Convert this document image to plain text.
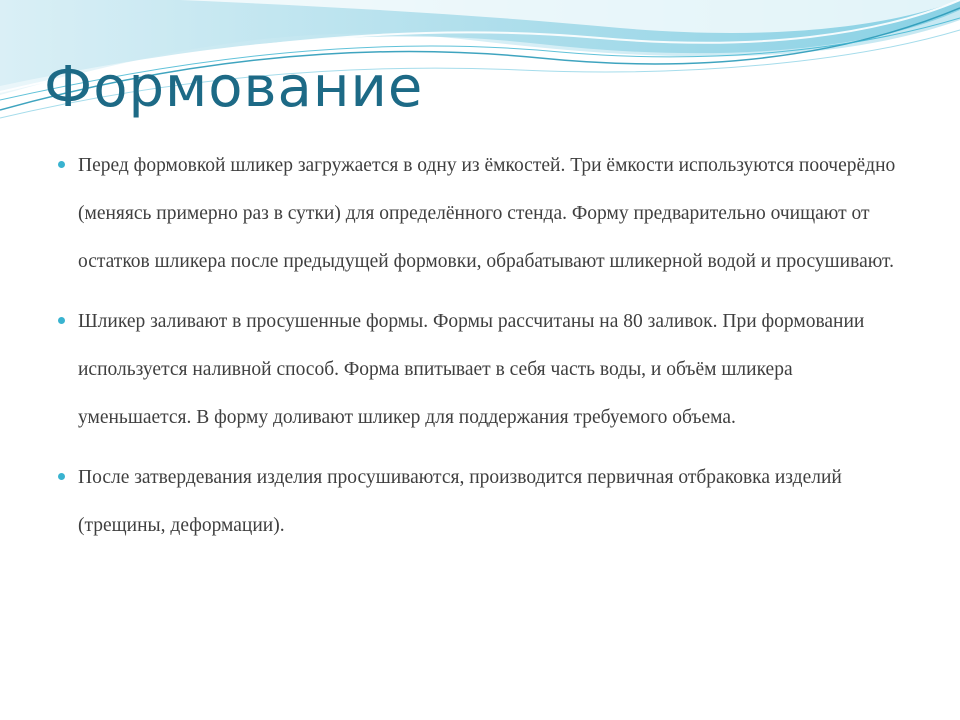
Формование
Перед формовкой шликер загружается в одну из ёмкостей. Три ёмкости используются поочерёдно (меняясь примерно раз в сутки) для определённого стенда. Форму предварительно очищают от остатков шликера после предыдущей формовки, обрабатывают шликерной водой и просушивают.
Шликер заливают в просушенные формы. Формы рассчитаны на 80 заливок. При формовании используется наливной способ. Форма впитывает в себя часть воды, и объём шликера уменьшается. В форму доливают шликер для поддержания требуемого объема.
После затвердевания изделия просушиваются, производится первичная отбраковка изделий (трещины, деформации).
